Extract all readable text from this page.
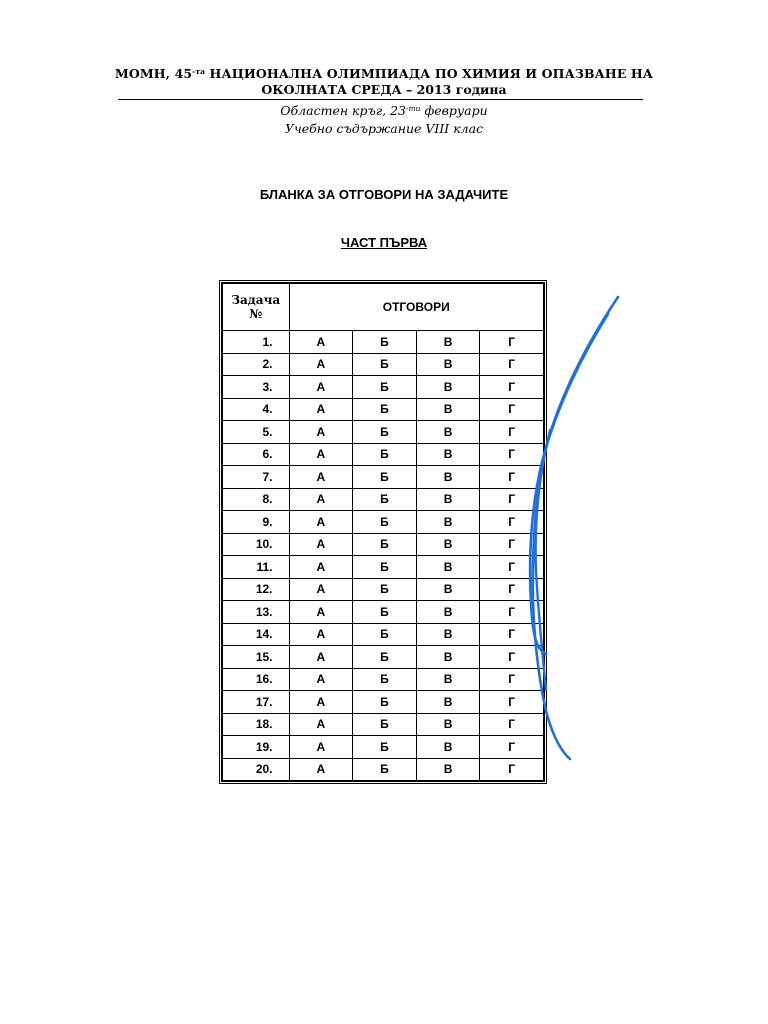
МОМН, $45^{-та}$ НАЦИОНАЛНА ОЛИМПИАДА ПО ХИМИЯ И ОПАЗВАНЕ НА
ОКОЛНАТА СРЕДА – 2013 година
Областен кръг, $23^{-ти}$ февруари
Учебно съдържание VIII клас
БЛАНКА ЗА ОТГОВОРИ НА ЗАДАЧИТЕ
ЧАСТ ПЪРВА
Задача
№	ОТГОВОРИ			
1.	А	Б	В	Г
2.	А	Б	В	Г
3.	А	Б	В	Г
4.	А	Б	В	Г
5.	А	Б	В	Г
6.	А	Б	В	Г
7.	А	Б	В	Г
8.	А	Б	В	Г
9.	А	Б	В	Г
10.	А	Б	В	Г
11.	А	Б	В	Г
12.	А	Б	В	Г
13.	А	Б	В	Г
14.	А	Б	В	Г
15.	А	Б	В	Г
16.	А	Б	В	Г
17.	А	Б	В	Г
18.	А	Б	В	Г
19.	А	Б	В	Г
20.	А	Б	В	Г
